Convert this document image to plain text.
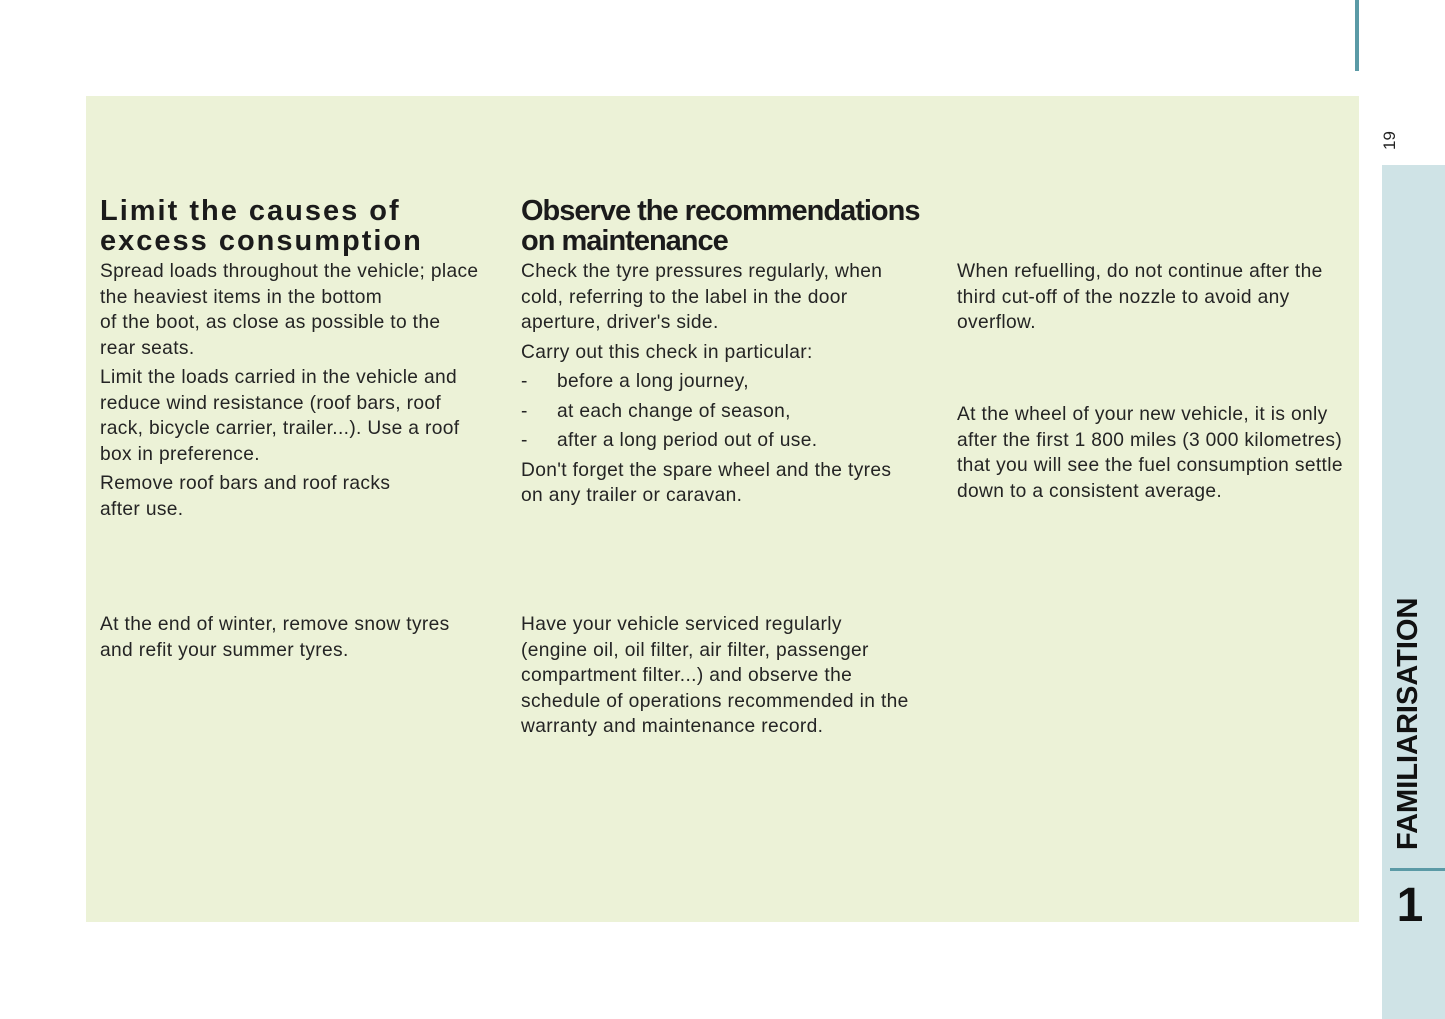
19
FAMILIARISATION
1
Limit the causes of
excess consumption

Spread loads throughout the vehicle; place
the heaviest items in the bottom
of the boot, as close as possible to the
rear seats.

Limit the loads carried in the vehicle and
reduce wind resistance (roof bars, roof
rack, bicycle carrier, trailer...). Use a roof
box in preference.

Remove roof bars and roof racks
after use.

At the end of winter, remove snow tyres
and refit your summer tyres.

Observe the recommendations
on maintenance

Check the tyre pressures regularly, when
cold, referring to the label in the door
aperture, driver's side.

Carry out this check in particular:

-	before a long journey,
-	at each change of season,
-	after a long period out of use.

Don't forget the spare wheel and the tyres
on any trailer or caravan.

Have your vehicle serviced regularly
(engine oil, oil filter, air filter, passenger
compartment filter...) and observe the
schedule of operations recommended in the
warranty and maintenance record.

When refuelling, do not continue after the
third cut-off of the nozzle to avoid any
overflow.

At the wheel of your new vehicle, it is only
after the first 1 800 miles (3 000 kilometres)
that you will see the fuel consumption settle
down to a consistent average.
